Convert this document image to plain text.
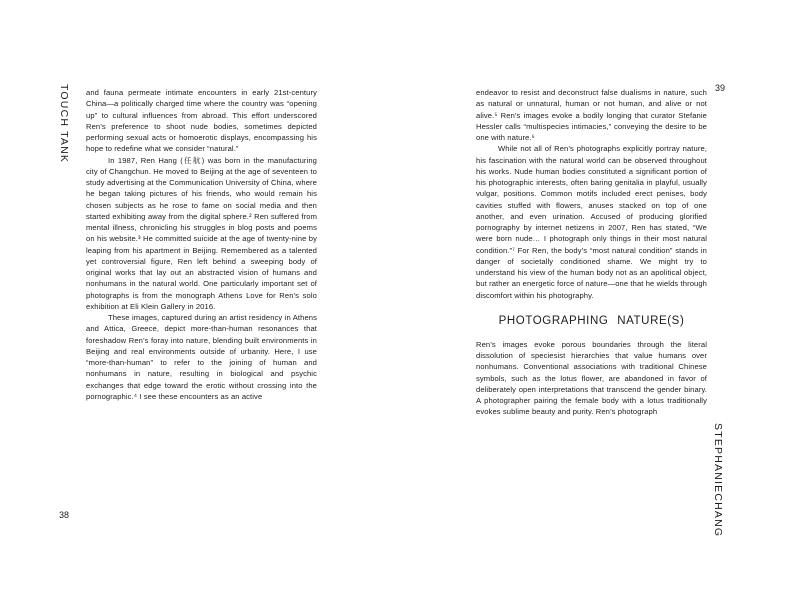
TOUCH TANK
38

and fauna permeate intimate encounters in early 21st-century China—a politically charged time where the country was “opening up” to cultural influences from abroad. This effort underscored Ren’s preference to shoot nude bodies, sometimes depicted performing sexual acts or homoerotic displays, encompassing his hope to redefine what we consider “natural.”

In 1987, Ren Hang (任航) was born in the manufacturing city of Changchun. He moved to Beijing at the age of seventeen to study advertising at the Communication University of China, where he began taking pictures of his friends, who would remain his chosen subjects as he rose to fame on social media and then started exhibiting away from the digital sphere.² Ren suffered from mental illness, chronicling his struggles in blog posts and poems on his website.³ He committed suicide at the age of twenty-nine by leaping from his apartment in Beijing. Remembered as a talented yet controversial figure, Ren left behind a sweeping body of original works that lay out an abstracted vision of humans and nonhumans in the natural world. One particularly important set of photographs is from the monograph Athens Love for Ren’s solo exhibition at Eli Klein Gallery in 2016.

These images, captured during an artist residency in Athens and Attica, Greece, depict more-than-human resonances that foreshadow Ren’s foray into nature, blending built environments in Beijing and real environments outside of urbanity. Here, I use “more-than-human” to refer to the joining of human and nonhumans in nature, resulting in biological and psychic exchanges that edge toward the erotic without crossing into the pornographic.⁴ I see these encounters as an active

39
STEPHANIECHANG

endeavor to resist and deconstruct false dualisms in nature, such as natural or unnatural, human or not human, and alive or not alive.⁵ Ren’s images evoke a bodily longing that curator Stefanie Hessler calls “multispecies intimacies,” conveying the desire to be one with nature.⁶

While not all of Ren’s photographs explicitly portray nature, his fascination with the natural world can be observed throughout his works. Nude human bodies constituted a significant portion of his photographic interests, often baring genitalia in playful, usually vulgar, positions. Common motifs included erect penises, body cavities stuffed with flowers, anuses stacked on top of one another, and even urination. Accused of producing glorified pornography by internet netizens in 2007, Ren has stated, “We were born nude… I photograph only things in their most natural condition.”⁷ For Ren, the body’s “most natural condition” stands in danger of societally conditioned shame. We might try to understand his view of the human body not as an apolitical object, but rather an energetic force of nature—one that he wields through discomfort within his photography.

PHOTOGRAPHING NATURE(S)

Ren’s images evoke porous boundaries through the literal dissolution of speciesist hierarchies that value humans over nonhumans. Conventional associations with traditional Chinese symbols, such as the lotus flower, are abandoned in favor of deliberately open interpretations that transcend the gender binary. A photographer pairing the female body with a lotus traditionally evokes sublime beauty and purity. Ren’s photograph
